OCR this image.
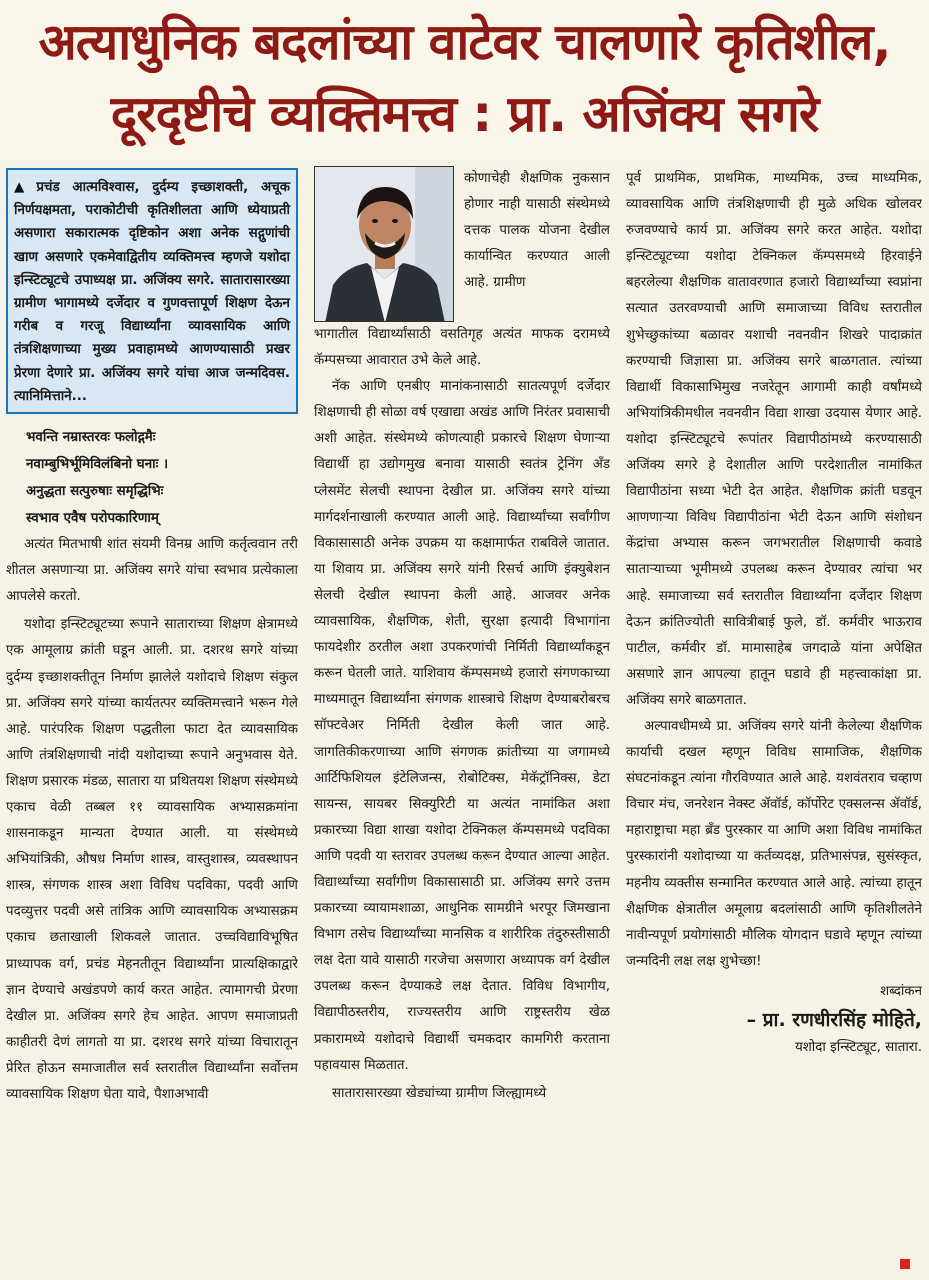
अत्याधुनिक बदलांच्या वाटेवर चालणारे कृतिशील,
दूरदृष्टीचे व्यक्तिमत्त्व : प्रा. अजिंक्य सगरे
▲ प्रचंड आत्मविश्वास, दुर्दम्य इच्छाशक्ती, अचूक निर्णयक्षमता, पराकोटीची कृतिशीलता आणि ध्येयाप्रती असणारा सकारात्मक दृष्टिकोन अशा अनेक सद्गुणांची खाण असणारे एकमेवाद्वितीय व्यक्तिमत्त्व म्हणजे यशोदा इन्स्टिट्यूटचे उपाध्यक्ष प्रा. अजिंक्य सगरे. सातारासारख्या ग्रामीण भागामध्ये दर्जेदार व गुणवत्तापूर्ण शिक्षण देऊन गरीब व गरजू विद्यार्थ्यांना व्यावसायिक आणि तंत्रशिक्षणाच्या मुख्य प्रवाहामध्ये आणण्यासाठी प्रखर प्रेरणा देणारे प्रा. अजिंक्य सगरे यांचा आज जन्मदिवस. त्यानिमित्ताने...
भवन्ति नम्रास्तरवः फलोद्गमैः
नवाम्बुभिर्भूमिविलंबिनो घनाः ।
अनुद्धता सत्पुरुषाः समृद्धिभिः
स्वभाव एवैष परोपकारिणाम्

अत्यंत मितभाषी शांत संयमी विनम्र आणि कर्तृत्ववान तरी शीतल असणाऱ्या प्रा. अजिंक्य सगरे यांचा स्वभाव प्रत्येकाला आपलेसे करतो.

यशोदा इन्स्टिट्यूटच्या रूपाने साताराच्या शिक्षण क्षेत्रामध्ये एक आमूलाग्र क्रांती घडून आली. प्रा. दशरथ सगरे यांच्या दुर्दम्य इच्छाशक्तीतून निर्माण झालेले यशोदाचे शिक्षण संकुल प्रा. अजिंक्य सगरे यांच्या कार्यतत्पर व्यक्तिमत्त्वाने भरून गेले आहे. पारंपरिक शिक्षण पद्धतीला फाटा देत व्यावसायिक आणि तंत्रशिक्षणाची नांदी यशोदाच्या रूपाने अनुभवास येते. शिक्षण प्रसारक मंडळ, सातारा या प्रथितयश शिक्षण संस्थेमध्ये एकाच वेळी तब्बल ११ व्यावसायिक अभ्यासक्रमांना शासनाकडून मान्यता देण्यात आली. या संस्थेमध्ये अभियांत्रिकी, औषध निर्माण शास्त्र, वास्तुशास्त्र, व्यवस्थापन शास्त्र, संगणक शास्त्र अशा विविध पदविका, पदवी आणि पदव्युत्तर पदवी असे तांत्रिक आणि व्यावसायिक अभ्यासक्रम एकाच छताखाली शिकवले जातात. उच्चविद्याविभूषित प्राध्यापक वर्ग, प्रचंड मेहनतीतून विद्यार्थ्यांना प्रात्यक्षिकाद्वारे ज्ञान देण्याचे अखंडपणे कार्य करत आहेत. त्यामागची प्रेरणा देखील प्रा. अजिंक्य सगरे हेच आहेत. आपण समाजाप्रती काहीतरी देणं लागतो या प्रा. दशरथ सगरे यांच्या विचारातून प्रेरित होऊन समाजातील सर्व स्तरातील विद्यार्थ्यांना सर्वोत्तम व्यावसायिक शिक्षण घेता यावे, पैशाअभावी

कोणाचेही शैक्षणिक नुकसान होणार नाही यासाठी संस्थेमध्ये दत्तक पालक योजना देखील कार्यान्वित करण्यात आली आहे. ग्रामीण

भागातील विद्यार्थ्यांसाठी वसतिगृह अत्यंत माफक दरामध्ये कॅम्पसच्या आवारात उभे केले आहे.

नॅक आणि एनबीए मानांकनासाठी सातत्यपूर्ण दर्जेदार शिक्षणाची ही सोळा वर्ष एखाद्या अखंड आणि निरंतर प्रवासाची अशी आहेत. संस्थेमध्ये कोणत्याही प्रकारचे शिक्षण घेणाऱ्या विद्यार्थी हा उद्योगमुख बनावा यासाठी स्वतंत्र ट्रेनिंग अँड प्लेसमेंट सेलची स्थापना देखील प्रा. अजिंक्य सगरे यांच्या मार्गदर्शनाखाली करण्यात आली आहे. विद्यार्थ्यांच्या सर्वांगीण विकासासाठी अनेक उपक्रम या कक्षामार्फत राबविले जातात. या शिवाय प्रा. अजिंक्य सगरे यांनी रिसर्च आणि इंक्युबेशन सेलची देखील स्थापना केली आहे. आजवर अनेक व्यावसायिक, शैक्षणिक, शेती, सुरक्षा इत्यादी विभागांना फायदेशीर ठरतील अशा उपकरणांची निर्मिती विद्यार्थ्यांकडून करून घेतली जाते. याशिवाय कॅम्पसमध्ये हजारो संगणकाच्या माध्यमातून विद्यार्थ्यांना संगणक शास्त्राचे शिक्षण देण्याबरोबरच सॉफ्टवेअर निर्मिती देखील केली जात आहे. जागतिकीकरणाच्या आणि संगणक क्रांतीच्या या जगामध्ये आर्टिफिशियल इंटेलिजन्स, रोबोटिक्स, मेकॅट्रॉनिक्स, डेटा सायन्स, सायबर सिक्युरिटी या अत्यंत नामांकित अशा प्रकारच्या विद्या शाखा यशोदा टेक्निकल कॅम्पसमध्ये पदविका आणि पदवी या स्तरावर उपलब्ध करून देण्यात आल्या आहेत. विद्यार्थ्यांच्या सर्वांगीण विकासासाठी प्रा. अजिंक्य सगरे उत्तम प्रकारच्या व्यायामशाळा, आधुनिक सामग्रीने भरपूर जिमखाना विभाग तसेच विद्यार्थ्यांच्या मानसिक व शारीरिक तंदुरुस्तीसाठी लक्ष देता यावे यासाठी गरजेचा असणारा अध्यापक वर्ग देखील उपलब्ध करून देण्याकडे लक्ष देतात. विविध विभागीय, विद्यापीठस्तरीय, राज्यस्तरीय आणि राष्ट्रस्तरीय खेळ प्रकारामध्ये यशोदाचे विद्यार्थी चमकदार कामगिरी करताना पहावयास मिळतात.

सातारासारख्या खेड्यांच्या ग्रामीण जिल्ह्यामध्ये

पूर्व प्राथमिक, प्राथमिक, माध्यमिक, उच्च माध्यमिक, व्यावसायिक आणि तंत्रशिक्षणाची ही मुळे अधिक खोलवर रुजवण्याचे कार्य प्रा. अजिंक्य सगरे करत आहेत. यशोदा इन्स्टिट्यूटच्या यशोदा टेक्निकल कॅम्पसमध्ये हिरवाईने बहरलेल्या शैक्षणिक वातावरणात हजारो विद्यार्थ्यांच्या स्वप्नांना सत्यात उतरवण्याची आणि समाजाच्या विविध स्तरातील शुभेच्छुकांच्या बळावर यशाची नवनवीन शिखरे पादाक्रांत करण्याची जिज्ञासा प्रा. अजिंक्य सगरे बाळगतात. त्यांच्या विद्यार्थी विकासाभिमुख नजरेतून आगामी काही वर्षांमध्ये अभियांत्रिकीमधील नवनवीन विद्या शाखा उदयास येणार आहे. यशोदा इन्स्टिट्यूटचे रूपांतर विद्यापीठांमध्ये करण्यासाठी अजिंक्य सगरे हे देशातील आणि परदेशातील नामांकित विद्यापीठांना सध्या भेटी देत आहेत. शैक्षणिक क्रांती घडवून आणणाऱ्या विविध विद्यापीठांना भेटी देऊन आणि संशोधन केंद्रांचा अभ्यास करून जगभरातील शिक्षणाची कवाडे साताऱ्याच्या भूमीमध्ये उपलब्ध करून देण्यावर त्यांचा भर आहे. समाजाच्या सर्व स्तरातील विद्यार्थ्यांना दर्जेदार शिक्षण देऊन क्रांतिज्योती सावित्रीबाई फुले, डॉ. कर्मवीर भाऊराव पाटील, कर्मवीर डॉ. मामासाहेब जगदाळे यांना अपेक्षित असणारे ज्ञान आपल्या हातून घडावे ही महत्त्वाकांक्षा प्रा. अजिंक्य सगरे बाळगतात.

अल्पावधीमध्ये प्रा. अजिंक्य सगरे यांनी केलेल्या शैक्षणिक कार्याची दखल म्हणून विविध सामाजिक, शैक्षणिक संघटनांकडून त्यांना गौरविण्यात आले आहे. यशवंतराव चव्हाण विचार मंच, जनरेशन नेक्स्ट ॲवॉर्ड, कॉर्पोरेट एक्सलन्स ॲवॉर्ड, महाराष्ट्राचा महा ब्रँड पुरस्कार या आणि अशा विविध नामांकित पुरस्कारांनी यशोदाच्या या कर्तव्यदक्ष, प्रतिभासंपन्न, सुसंस्कृत, महनीय व्यक्तीस सन्मानित करण्यात आले आहे. त्यांच्या हातून शैक्षणिक क्षेत्रातील अमूलाग्र बदलांसाठी आणि कृतिशीलतेने नावीन्यपूर्ण प्रयोगांसाठी मौलिक योगदान घडावे म्हणून त्यांच्या जन्मदिनी लक्ष लक्ष शुभेच्छा!

शब्दांकन
– प्रा. रणधीरसिंह मोहिते,
यशोदा इन्स्टिट्यूट, सातारा.
